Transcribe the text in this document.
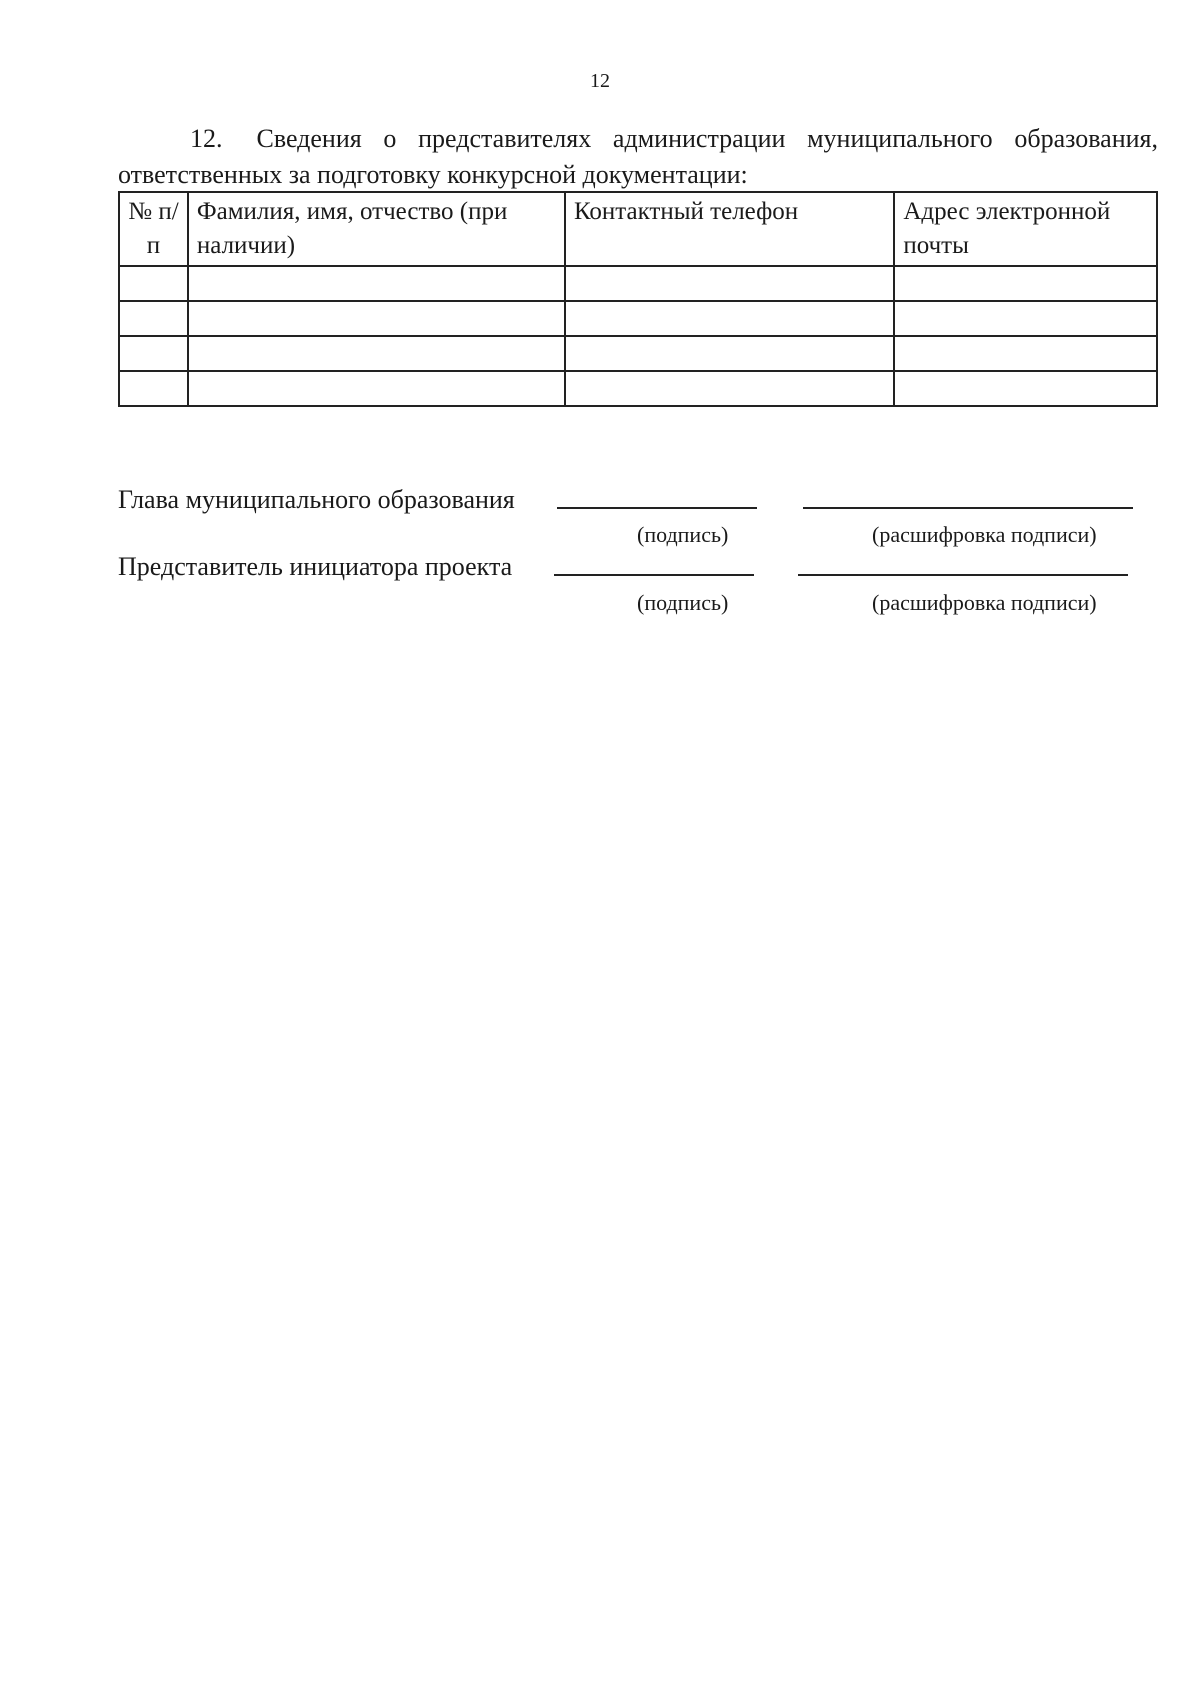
12
12. Сведения о представителях администрации муниципального образования,
ответственных за подготовку конкурсной документации:
№ п/п	Фамилия, имя, отчество (при наличии)	Контактный телефон	Адрес электронной почты

Глава муниципального образования
(подпись)	(расшифровка подписи)
Представитель инициатора проекта
(подпись)	(расшифровка подписи)
